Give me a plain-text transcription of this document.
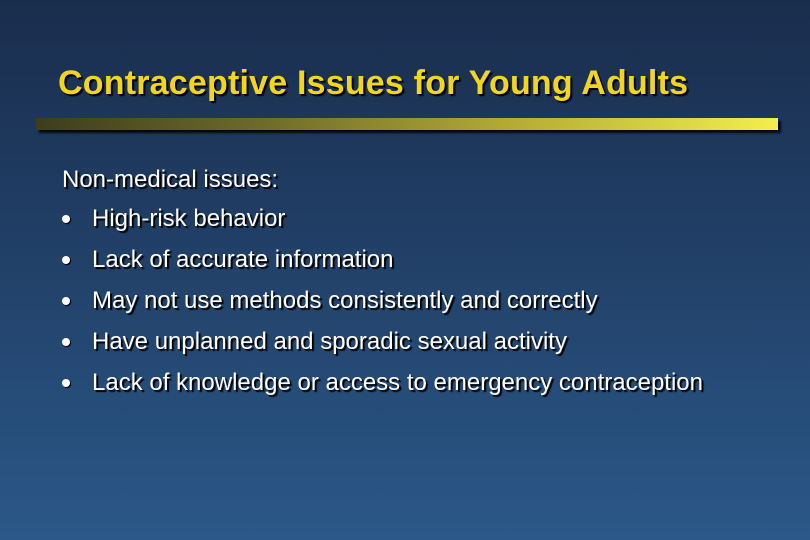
Contraceptive Issues for Young Adults

Non-medical issues:

High-risk behavior
Lack of accurate information
May not use methods consistently and correctly
Have unplanned and sporadic sexual activity
Lack of knowledge or access to emergency contraception
